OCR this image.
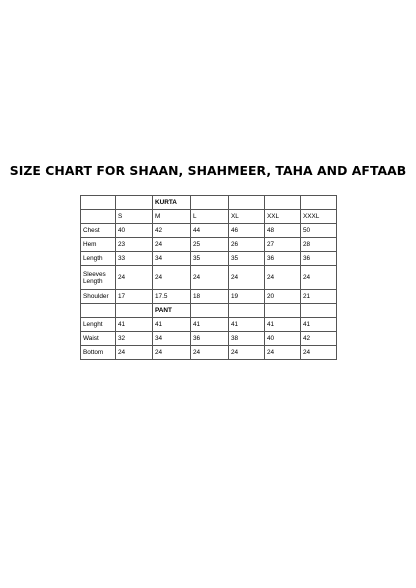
SIZE CHART FOR SHAAN, SHAHMEER, TAHA AND AFTAAB
		KURTA				
	S	M	L	XL	XXL	XXXL
Chest	40	42	44	46	48	50
Hem	23	24	25	26	27	28
Length	33	34	35	35	36	36
Sleeves Length	24	24	24	24	24	24
Shoulder	17	17.5	18	19	20	21
		PANT				
Lenght	41	41	41	41	41	41
Waist	32	34	36	38	40	42
Bottom	24	24	24	24	24	24
